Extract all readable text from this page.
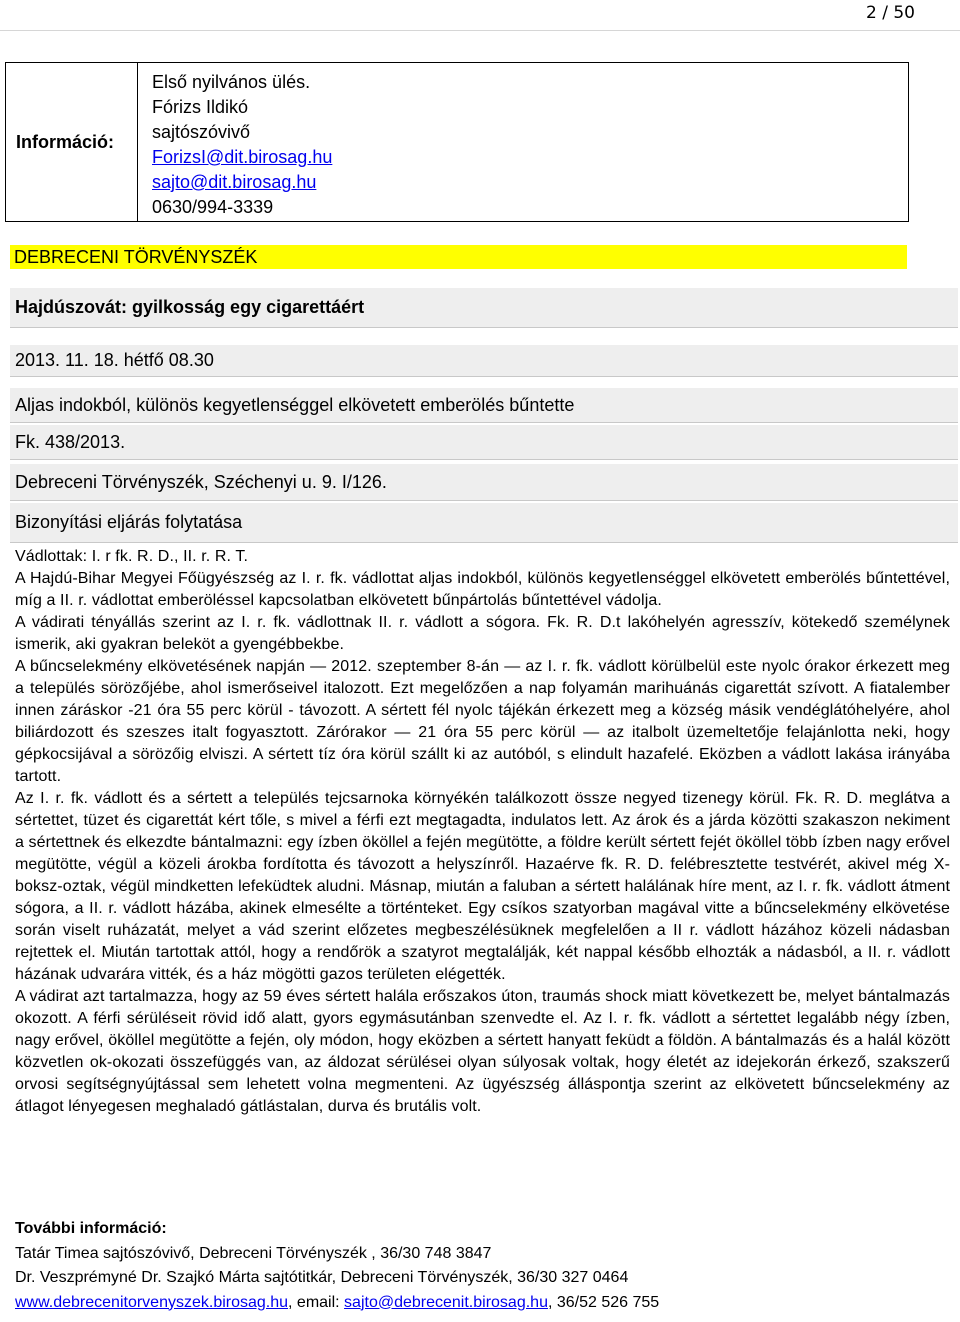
2 / 50
Információ:
Első nyilvános ülés.
Fórizs Ildikó
sajtószóvivő
ForizsI@dit.birosag.hu
sajto@dit.birosag.hu
0630/994-3339
DEBRECENI TÖRVÉNYSZÉK
Hajdúszovát: gyilkosság egy cigarettáért
2013. 11. 18. hétfő 08.30
Aljas indokból, különös kegyetlenséggel elkövetett emberölés bűntette
Fk. 438/2013.
Debreceni Törvényszék, Széchenyi u. 9. I/126.
Bizonyítási eljárás folytatása

Vádlottak: I. r fk. R. D., II. r. R. T.

A Hajdú-Bihar Megyei Főügyészség az I. r. fk. vádlottat aljas indokból, különös kegyetlenséggel elkövetett emberölés bűntettével, míg a II. r. vádlottat emberöléssel kapcsolatban elkövetett bűnpártolás bűntettével vádolja.

A vádirati tényállás szerint az I. r. fk. vádlottnak II. r. vádlott a sógora. Fk. R. D.t lakóhelyén agresszív, kötekedő személynek ismerik, aki gyakran beleköt a gyengébbekbe.

A bűncselekmény elkövetésének napján — 2012. szeptember 8-án — az I. r. fk. vádlott körülbelül este nyolc órakor érkezett meg a település sörözőjébe, ahol ismerőseivel italozott. Ezt megelőzően a nap folyamán marihuánás cigarettát szívott. A fiatalember innen záráskor -21 óra 55 perc körül - távozott. A sértett fél nyolc tájékán érkezett meg a község másik vendéglátóhelyére, ahol biliárdozott és szeszes italt fogyasztott. Zárórakor — 21 óra 55 perc körül — az italbolt üzemeltetője felajánlotta neki, hogy gépkocsijával a sörözőig elviszi. A sértett tíz óra körül szállt ki az autóból, s elindult hazafelé. Eközben a vádlott lakása irányába tartott.

Az I. r. fk. vádlott és a sértett a település tejcsarnoka környékén találkozott össze negyed tizenegy körül. Fk. R. D. meglátva a sértettet, tüzet és cigarettát kért tőle, s mivel a férfi ezt megtagadta, indulatos lett. Az árok és a járda közötti szakaszon nekiment a sértettnek és elkezdte bántalmazni: egy ízben ököllel a fején megütötte, a földre került sértett fejét ököllel több ízben nagy erővel megütötte, végül a közeli árokba fordította és távozott a helyszínről. Hazaérve fk. R. D. felébresztette testvérét, akivel még X- boksz-oztak, végül mindketten lefeküdtek aludni. Másnap, miután a faluban a sértett halálának híre ment, az I. r. fk. vádlott átment sógora, a II. r. vádlott házába, akinek elmesélte a történteket. Egy csíkos szatyorban magával vitte a bűncselekmény elkövetése során viselt ruházatát, melyet a vád szerint előzetes megbeszélésüknek megfelelően a II r. vádlott házához közeli nádasban rejtettek el. Miután tartottak attól, hogy a rendőrök a szatyrot megtalálják, két nappal később elhozták a nádasból, a II. r. vádlott házának udvarára vitték, és a ház mögötti gazos területen elégették.

A vádirat azt tartalmazza, hogy az 59 éves sértett halála erőszakos úton, traumás shock miatt következett be, melyet bántalmazás okozott. A férfi sérüléseit rövid idő alatt, gyors egymásutánban szenvedte el. Az I. r. fk. vádlott a sértettet legalább négy ízben, nagy erővel, ököllel megütötte a fején, oly módon, hogy eközben a sértett hanyatt feküdt a földön. A bántalmazás és a halál között közvetlen ok-okozati összefüggés van, az áldozat sérülései olyan súlyosak voltak, hogy életét az idejekorán érkező, szakszerű orvosi segítségnyújtással sem lehetett volna megmenteni. Az ügyészség álláspontja szerint az elkövetett bűncselekmény az átlagot lényegesen meghaladó gátlástalan, durva és brutális volt.

További információ:
Tatár Timea sajtószóvivő, Debreceni Törvényszék , 36/30 748 3847
Dr. Veszprémyné Dr. Szajkó Márta sajtótitkár, Debreceni Törvényszék, 36/30 327 0464
www.debrecenitorvenyszek.birosag.hu, email: sajto@debrecenit.birosag.hu, 36/52 526 755
